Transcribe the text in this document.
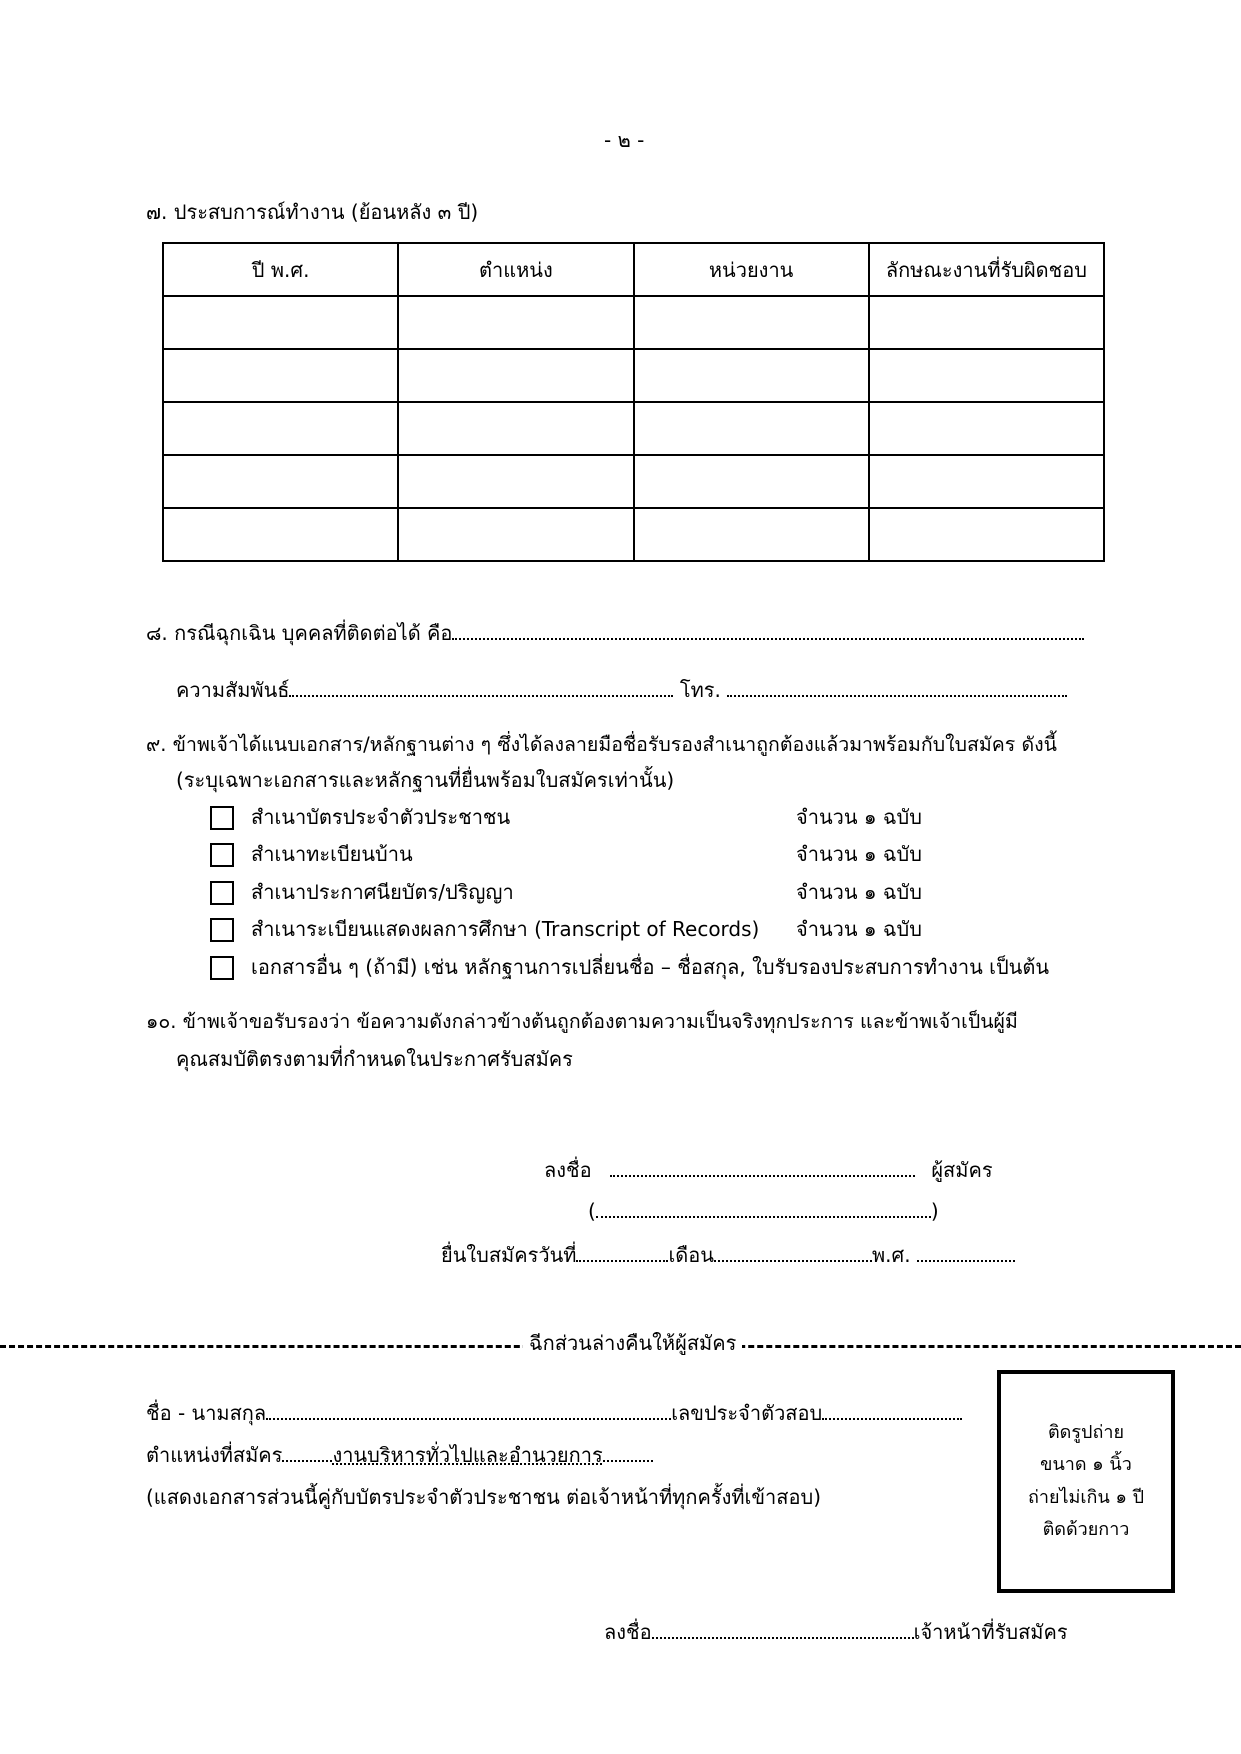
- ๒ -
๗. ประสบการณ์ทำงาน (ย้อนหลัง ๓ ปี)
ปี พ.ศ.	ตำแหน่ง	หน่วยงาน	ลักษณะงานที่รับผิดชอบ

๘. กรณีฉุกเฉิน บุคคลที่ติดต่อได้ คือ
ความสัมพันธ์	โทร.
๙. ข้าพเจ้าได้แนบเอกสาร/หลักฐานต่าง ๆ ซึ่งได้ลงลายมือชื่อรับรองสำเนาถูกต้องแล้วมาพร้อมกับใบสมัคร ดังนี้
(ระบุเฉพาะเอกสารและหลักฐานที่ยื่นพร้อมใบสมัครเท่านั้น)
สำเนาบัตรประจำตัวประชาชน	จำนวน ๑ ฉบับ
สำเนาทะเบียนบ้าน	จำนวน ๑ ฉบับ
สำเนาประกาศนียบัตร/ปริญญา	จำนวน ๑ ฉบับ
สำเนาระเบียนแสดงผลการศึกษา (Transcript of Records) จำนวน ๑ ฉบับ
เอกสารอื่น ๆ (ถ้ามี) เช่น หลักฐานการเปลี่ยนชื่อ – ชื่อสกุล, ใบรับรองประสบการทำงาน เป็นต้น
๑๐. ข้าพเจ้าขอรับรองว่า ข้อความดังกล่าวข้างต้นถูกต้องตามความเป็นจริงทุกประการ และข้าพเจ้าเป็นผู้มี
คุณสมบัติตรงตามที่กำหนดในประกาศรับสมัคร
ลงชื่อ	ผู้สมัคร
(	)
ยื่นใบสมัครวันที่	เดือน	พ.ศ.
ฉีกส่วนล่างคืนให้ผู้สมัคร
ชื่อ - นามสกุล	เลขประจำตัวสอบ
ตำแหน่งที่สมัคร	งานบริหารทั่วไปและอำนวยการ
(แสดงเอกสารส่วนนี้คู่กับบัตรประจำตัวประชาชน ต่อเจ้าหน้าที่ทุกครั้งที่เข้าสอบ)
ติดรูปถ่าย
ขนาด ๑ นิ้ว
ถ่ายไม่เกิน ๑ ปี
ติดด้วยกาว
ลงชื่อ	เจ้าหน้าที่รับสมัคร
